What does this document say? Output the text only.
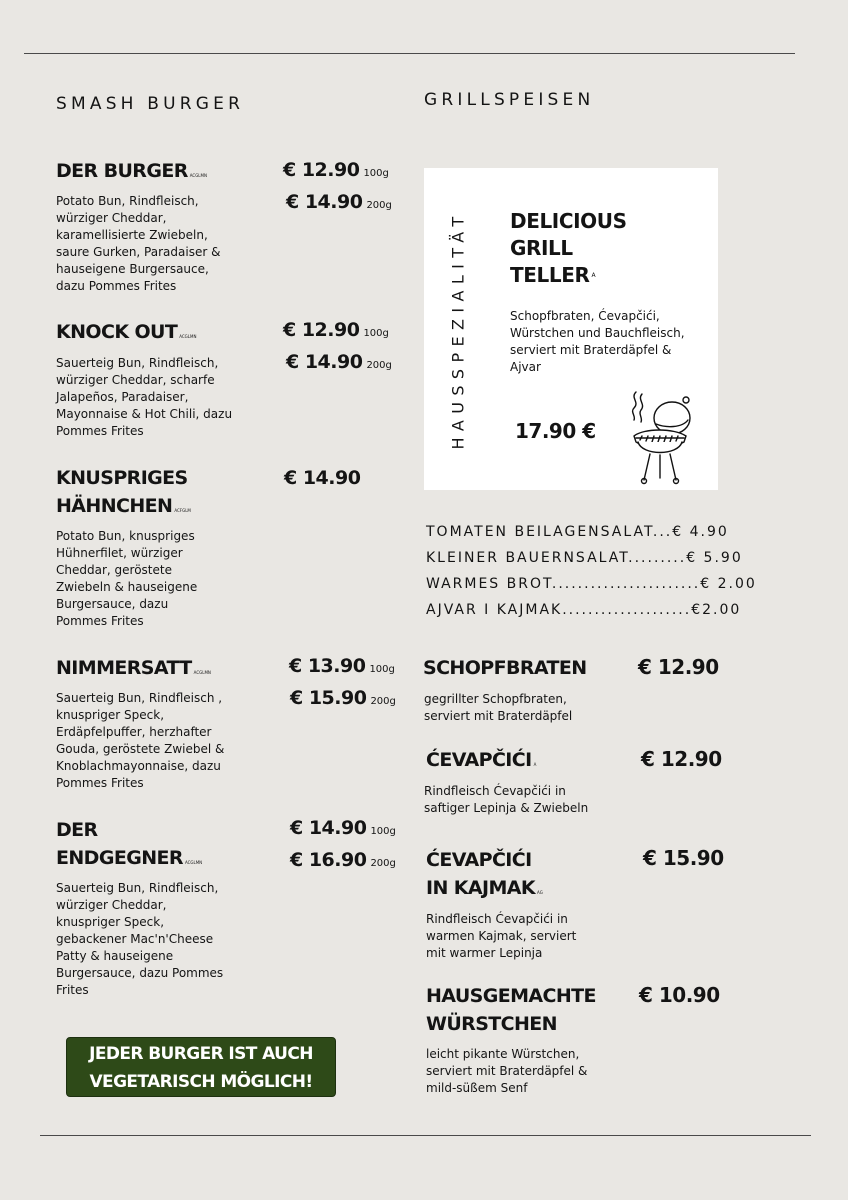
SMASH BURGER	GRILLSPEISEN
DER BURGER ACGLMN	€ 12.90 100g
€ 14.90 200g
Potato Bun, Rindfleisch, würziger Cheddar, karamellisierte Zwiebeln, saure Gurken, Paradaiser & hauseigene Burgersauce, dazu Pommes Frites
KNOCK OUT ACGLMN	€ 12.90 100g
€ 14.90 200g
Sauerteig Bun, Rindfleisch, würziger Cheddar, scharfe Jalapeños, Paradaiser, Mayonnaise & Hot Chili, dazu Pommes Frites
KNUSPRIGES
HÄHNCHEN ACFGLM
€ 14.90
Potato Bun, knuspriges Hühnerfilet, würziger Cheddar, geröstete Zwiebeln & hauseigene Burgersauce, dazu Pommes Frites
NIMMERSATT ACGLMN	€ 13.90 100g
€ 15.90 200g
Sauerteig Bun, Rindfleisch , knuspriger Speck, Erdäpfelpuffer, herzhafter Gouda, geröstete Zwiebel & Knoblachmayonnaise, dazu Pommes Frites
DER
ENDGEGNER ACGLMN
€ 14.90 100g
€ 16.90 200g
Sauerteig Bun, Rindfleisch, würziger Cheddar, knuspriger Speck, gebackener Mac'n'Cheese Patty & hauseigene Burgersauce, dazu Pommes Frites
JEDER BURGER IST AUCH
VEGETARISCH MÖGLICH!
HAUSSPEZIALITÄT DELICIOUS
GRILL
TELLER $^A$
Schopfbraten, Ćevapčići, Würstchen und Bauchfleisch, serviert mit Braterdäpfel & Ajvar
17.90 €
TOMATEN BEILAGENSALAT...€ 4.90
KLEINER BAUERNSALAT.........€ 5.90
WARMES BROT.......................€ 2.00
AJVAR I KAJMAK....................€2.00
SCHOPFBRATEN	€ 12.90
gegrillter Schopfbraten, serviert mit Braterdäpfel
ĆEVAPČIĆI A	€ 12.90
Rindfleisch Ćevapčići in saftiger Lepinja & Zwiebeln
ĆEVAPČIĆI
IN KAJMAK AG
€ 15.90
Rindfleisch Ćevapčići in warmen Kajmak, serviert mit warmer Lepinja
HAUSGEMACHTE
WÜRSTCHEN
€ 10.90
leicht pikante Würstchen, serviert mit Braterdäpfel & mild-süßem Senf
